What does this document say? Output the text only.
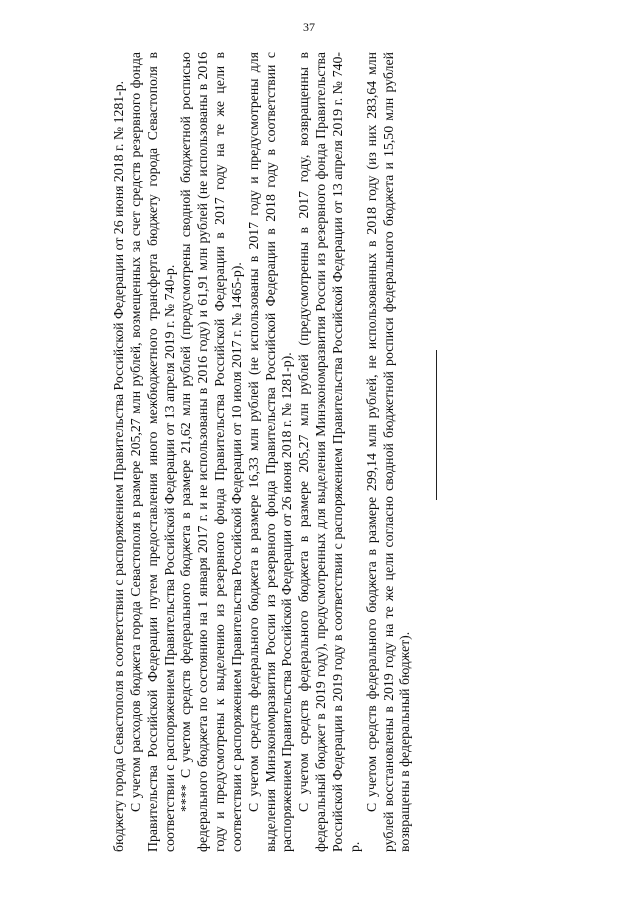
37

бюджету города Севастополя в соответствии с распоряжением Правительства Российской Федерации от 26 июня 2018 г. № 1281-р. С учетом расходов бюджета города Севастополя в размере 205,27 млн рублей, возмещенных за счет средств резервного фонда Правительства Российской Федерации путем предоставления иного межбюджетного трансферта бюджету города Севастополя в соответствии с распоряжением Правительства Российской Федерации от 13 апреля 2019 г. № 740-р. **** С учетом средств федерального бюджета в размере 21,62 млн рублей (предусмотрены сводной бюджетной росписью федерального бюджета по состоянию на 1 января 2017 г. и не использованы в 2016 году) и 61,91 млн рублей (не использованы в 2016 году и предусмотрены к выделению из резервного фонда Правительства Российской Федерации в 2017 году на те же цели в соответствии с распоряжением Правительства Российской Федерации от 10 июля 2017 г. № 1465-р). С учетом средств федерального бюджета в размере 16,33 млн рублей (не использованы в 2017 году и предусмотрены для выделения Минэкономразвития России из резервного фонда Правительства Российской Федерации в 2018 году в соответствии с распоряжением Правительства Российской Федерации от 26 июня 2018 г. № 1281-р). С учетом средств федерального бюджета в размере 205,27 млн рублей (предусмотренны в 2017 году, возвращенны в федеральный бюджет в 2019 году), предусмотренных для выделения Минэкономразвития России из резервного фонда Правительства Российской Федерации в 2019 году в соответствии с распоряжением Правительства Российской Федерации от 13 апреля 2019 г. № 740-р.

С учетом средств федерального бюджета в размере 299,14 млн рублей, не использованных в 2018 году (из них 283,64 млн рублей восстановлены в 2019 году на те же цели согласно сводной бюджетной росписи федерального бюджета и 15,50 млн рублей возвращены в федеральный бюджет).
